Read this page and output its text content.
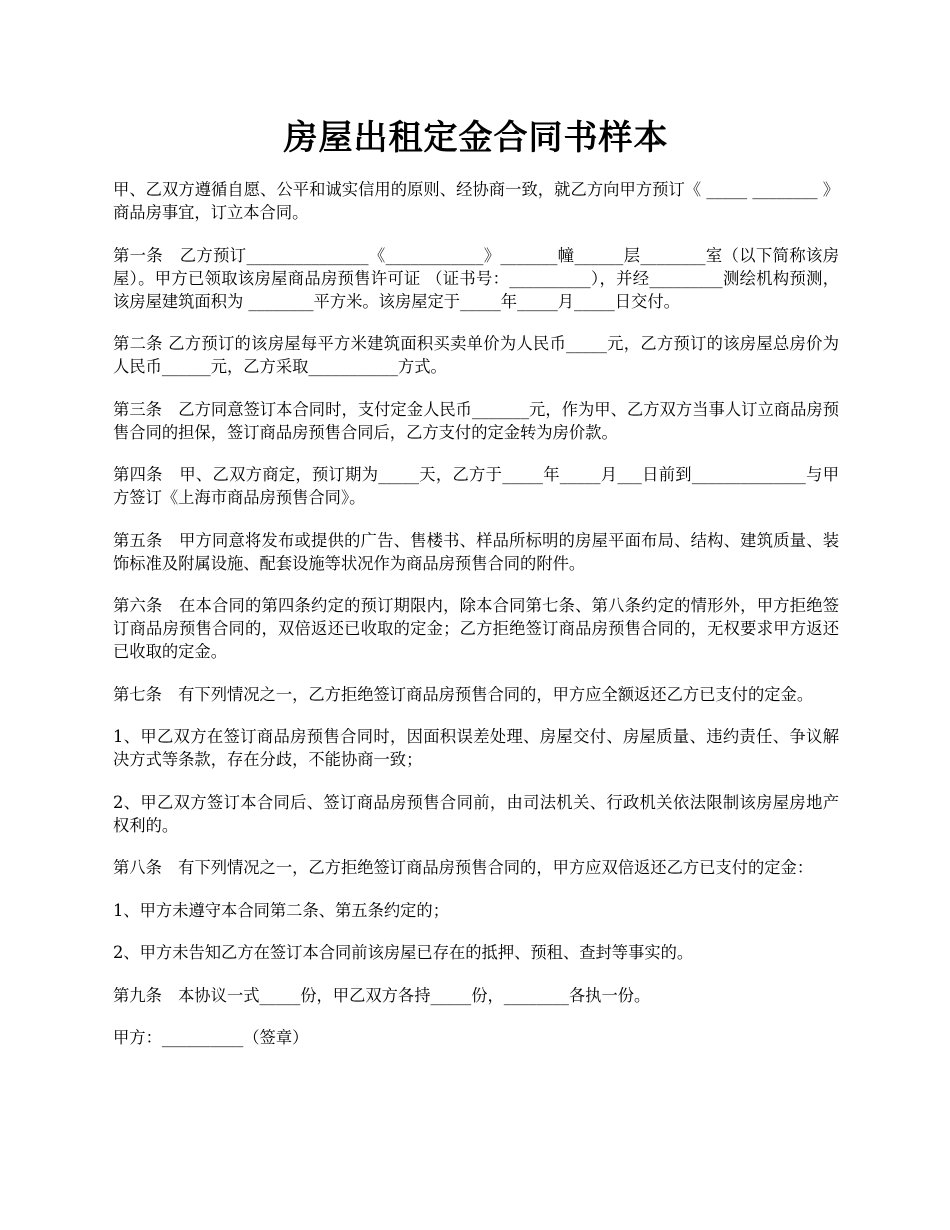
房屋出租定金合同书样本

甲、乙双方遵循自愿、公平和诚实信用的原则、经协商一致，就乙方向甲方预订《 _____ ________ 》商品房事宜，订立本合同。

第一条　乙方预订_______________《____________》_______幢______层________室（以下简称该房屋）。甲方已领取该房屋商品房预售许可证 （证书号：__________），并经_________测绘机构预测，该房屋建筑面积为 ________平方米。该房屋定于_____年_____月_____日交付。

第二条 乙方预订的该房屋每平方米建筑面积买卖单价为人民币_____元，乙方预订的该房屋总房价为人民币______元，乙方采取___________方式。

第三条　乙方同意签订本合同时，支付定金人民币_______元，作为甲、乙方双方当事人订立商品房预售合同的担保，签订商品房预售合同后，乙方支付的定金转为房价款。

第四条　甲、乙双方商定，预订期为_____天，乙方于_____年_____月___日前到______________与甲方签订《上海市商品房预售合同》。

第五条　甲方同意将发布或提供的广告、售楼书、样品所标明的房屋平面布局、结构、建筑质量、装饰标准及附属设施、配套设施等状况作为商品房预售合同的附件。

第六条　在本合同的第四条约定的预订期限内，除本合同第七条、第八条约定的情形外，甲方拒绝签订商品房预售合同的，双倍返还已收取的定金；乙方拒绝签订商品房预售合同的，无权要求甲方返还已收取的定金。

第七条　有下列情况之一，乙方拒绝签订商品房预售合同的，甲方应全额返还乙方已支付的定金。

1、甲乙双方在签订商品房预售合同时，因面积误差处理、房屋交付、房屋质量、违约责任、争议解决方式等条款，存在分歧，不能协商一致；

2、甲乙双方签订本合同后、签订商品房预售合同前，由司法机关、行政机关依法限制该房屋房地产权利的。

第八条　有下列情况之一，乙方拒绝签订商品房预售合同的，甲方应双倍返还乙方已支付的定金：

1、甲方未遵守本合同第二条、第五条约定的；

2、甲方未告知乙方在签订本合同前该房屋已存在的抵押、预租、查封等事实的。

第九条　本协议一式_____份，甲乙双方各持_____份，________各执一份。

甲方：__________（签章）
